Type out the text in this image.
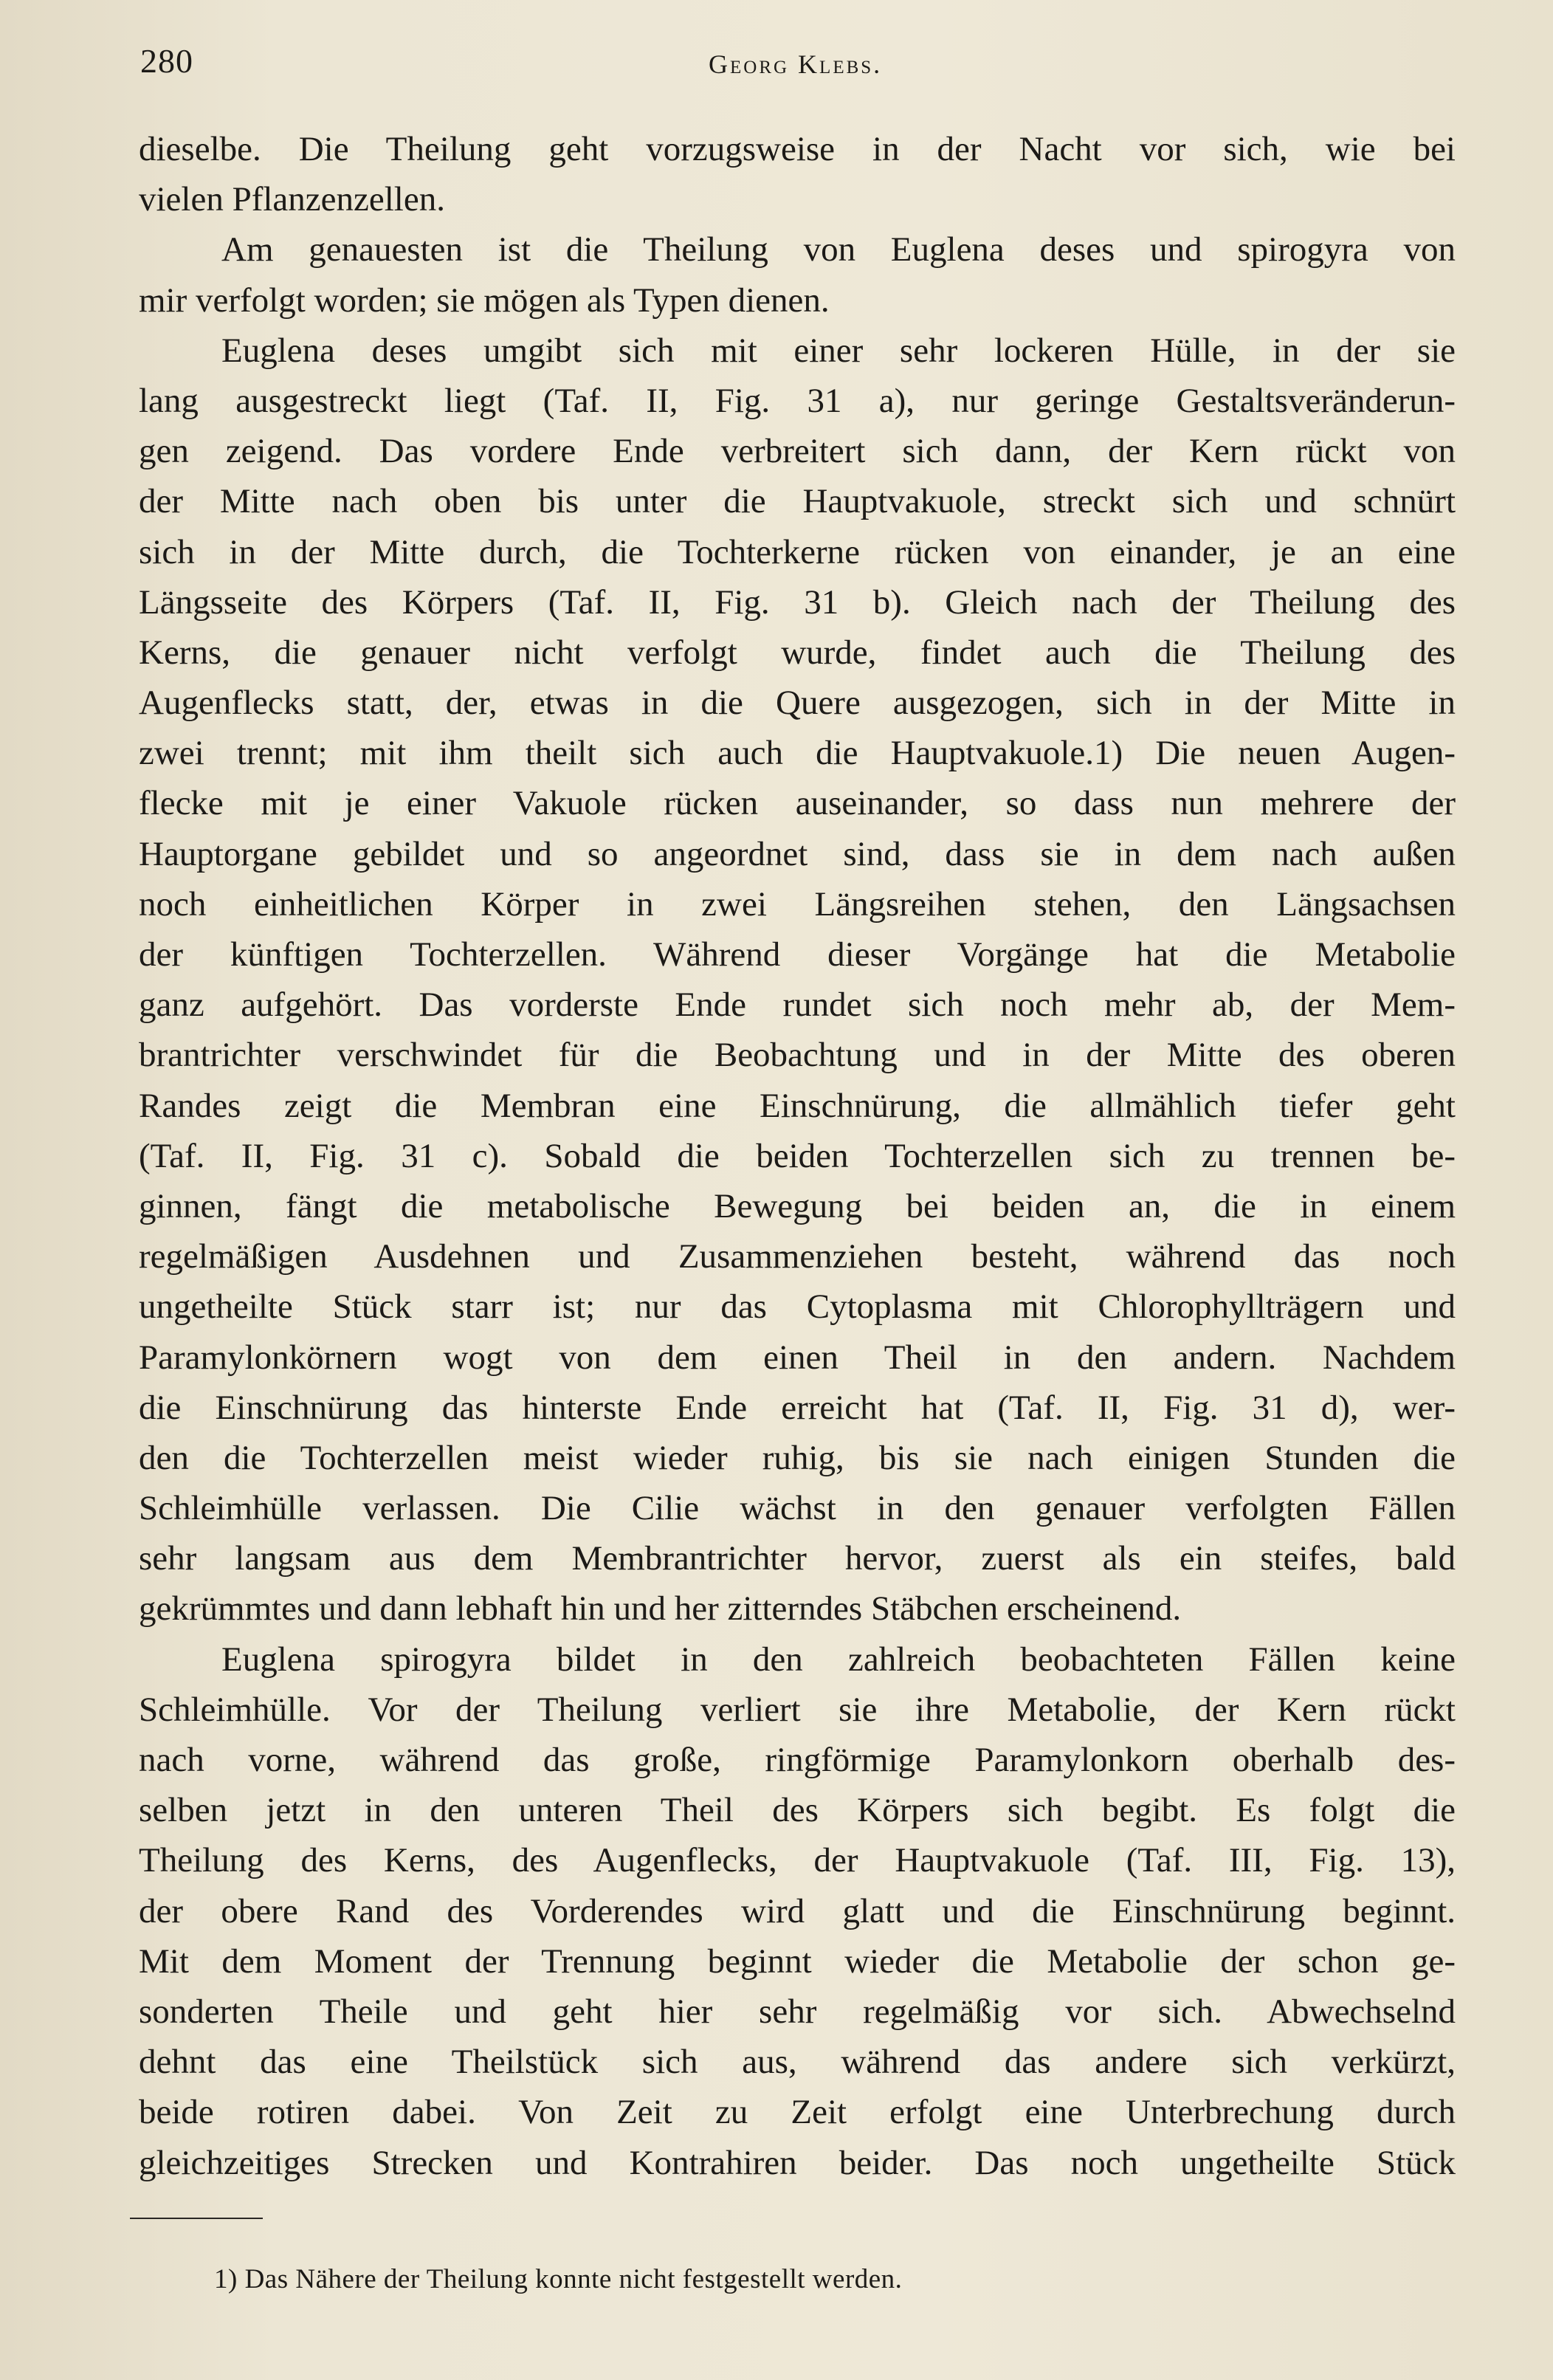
280	Georg Klebs.
dieselbe. Die Theilung geht vorzugsweise in der Nacht vor sich, wie bei
vielen Pflanzenzellen.
Am genauesten ist die Theilung von Euglena deses und spirogyra von
mir verfolgt worden; sie mögen als Typen dienen.
Euglena deses umgibt sich mit einer sehr lockeren Hülle, in der sie
lang ausgestreckt liegt (Taf. II, Fig. 31 a), nur geringe Gestaltsveränderun-
gen zeigend. Das vordere Ende verbreitert sich dann, der Kern rückt von
der Mitte nach oben bis unter die Hauptvakuole, streckt sich und schnürt
sich in der Mitte durch, die Tochterkerne rücken von einander, je an eine
Längsseite des Körpers (Taf. II, Fig. 31 b). Gleich nach der Theilung des
Kerns, die genauer nicht verfolgt wurde, findet auch die Theilung des
Augenflecks statt, der, etwas in die Quere ausgezogen, sich in der Mitte in
zwei trennt; mit ihm theilt sich auch die Hauptvakuole.1) Die neuen Augen-
flecke mit je einer Vakuole rücken auseinander, so dass nun mehrere der
Hauptorgane gebildet und so angeordnet sind, dass sie in dem nach außen
noch einheitlichen Körper in zwei Längsreihen stehen, den Längsachsen
der künftigen Tochterzellen. Während dieser Vorgänge hat die Metabolie
ganz aufgehört. Das vorderste Ende rundet sich noch mehr ab, der Mem-
brantrichter verschwindet für die Beobachtung und in der Mitte des oberen
Randes zeigt die Membran eine Einschnürung, die allmählich tiefer geht
(Taf. II, Fig. 31 c). Sobald die beiden Tochterzellen sich zu trennen be-
ginnen, fängt die metabolische Bewegung bei beiden an, die in einem
regelmäßigen Ausdehnen und Zusammenziehen besteht, während das noch
ungetheilte Stück starr ist; nur das Cytoplasma mit Chlorophyllträgern und
Paramylonkörnern wogt von dem einen Theil in den andern. Nachdem
die Einschnürung das hinterste Ende erreicht hat (Taf. II, Fig. 31 d), wer-
den die Tochterzellen meist wieder ruhig, bis sie nach einigen Stunden die
Schleimhülle verlassen. Die Cilie wächst in den genauer verfolgten Fällen
sehr langsam aus dem Membrantrichter hervor, zuerst als ein steifes, bald
gekrümmtes und dann lebhaft hin und her zitterndes Stäbchen erscheinend.
Euglena spirogyra bildet in den zahlreich beobachteten Fällen keine
Schleimhülle. Vor der Theilung verliert sie ihre Metabolie, der Kern rückt
nach vorne, während das große, ringförmige Paramylonkorn oberhalb des-
selben jetzt in den unteren Theil des Körpers sich begibt. Es folgt die
Theilung des Kerns, des Augenflecks, der Hauptvakuole (Taf. III, Fig. 13),
der obere Rand des Vorderendes wird glatt und die Einschnürung beginnt.
Mit dem Moment der Trennung beginnt wieder die Metabolie der schon ge-
sonderten Theile und geht hier sehr regelmäßig vor sich. Abwechselnd
dehnt das eine Theilstück sich aus, während das andere sich verkürzt,
beide rotiren dabei. Von Zeit zu Zeit erfolgt eine Unterbrechung durch
gleichzeitiges Strecken und Kontrahiren beider. Das noch ungetheilte Stück
1) Das Nähere der Theilung konnte nicht festgestellt werden.
